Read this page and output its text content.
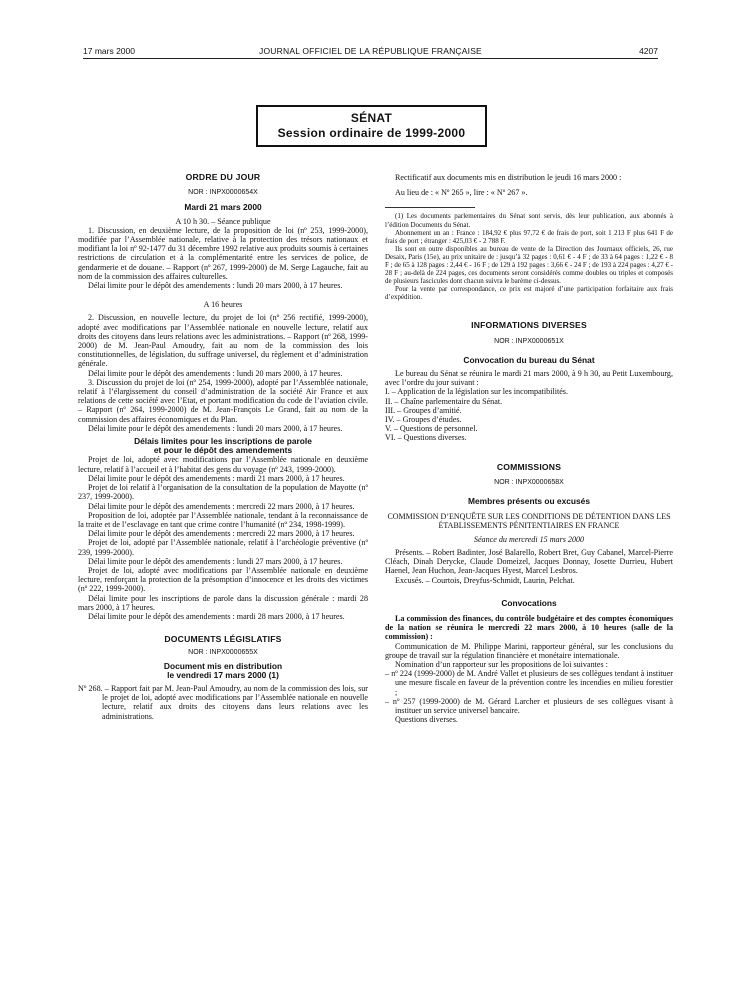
17 mars 2000	JOURNAL OFFICIEL DE LA RÉPUBLIQUE FRANÇAISE	4207
SÉNAT
Session ordinaire de 1999-2000
ORDRE DU JOUR
NOR : INPX0000654X
Mardi 21 mars 2000

A 10 h 30. – Séance publique

1. Discussion, en deuxième lecture, de la proposition de loi (nº 253, 1999-2000), modifiée par l’Assemblée nationale, relative à la protection des trésors nationaux et modifiant la loi nº 92-1477 du 31 décembre 1992 relative aux produits soumis à certaines restrictions de circulation et à la complémentarité entre les services de police, de gendarmerie et de douane. – Rapport (nº 267, 1999-2000) de M. Serge Lagauche, fait au nom de la commission des affaires culturelles.

Délai limite pour le dépôt des amendements : lundi 20 mars 2000, à 17 heures.

A 16 heures

2. Discussion, en nouvelle lecture, du projet de loi (nº 256 rectifié, 1999-2000), adopté avec modifications par l’Assemblée nationale en nouvelle lecture, relatif aux droits des citoyens dans leurs relations avec les administrations. – Rapport (nº 268, 1999-2000) de M. Jean-Paul Amoudry, fait au nom de la commission des lois constitutionnelles, de législation, du suffrage universel, du règlement et d’administration générale.

Délai limite pour le dépôt des amendements : lundi 20 mars 2000, à 17 heures.

3. Discussion du projet de loi (nº 254, 1999-2000), adopté par l’Assemblée nationale, relatif à l’élargissement du conseil d’administration de la société Air France et aux relations de cette société avec l’Etat, et portant modification du code de l’aviation civile. – Rapport (nº 264, 1999-2000) de M. Jean-François Le Grand, fait au nom de la commission des affaires économiques et du Plan.

Délai limite pour le dépôt des amendements : lundi 20 mars 2000, à 17 heures.

Délais limites pour les inscriptions de parole
et pour le dépôt des amendements

Projet de loi, adopté avec modifications par l’Assemblée nationale en deuxième lecture, relatif à l’accueil et à l’habitat des gens du voyage (nº 243, 1999-2000).

Délai limite pour le dépôt des amendements : mardi 21 mars 2000, à 17 heures.

Projet de loi relatif à l’organisation de la consultation de la population de Mayotte (nº 237, 1999-2000).

Délai limite pour le dépôt des amendements : mercredi 22 mars 2000, à 17 heures.

Proposition de loi, adoptée par l’Assemblée nationale, tendant à la reconnaissance de la traite et de l’esclavage en tant que crime contre l’humanité (nº 234, 1998-1999).

Délai limite pour le dépôt des amendements : mercredi 22 mars 2000, à 17 heures.

Projet de loi, adopté par l’Assemblée nationale, relatif à l’archéologie préventive (nº 239, 1999-2000).

Délai limite pour le dépôt des amendements : lundi 27 mars 2000, à 17 heures.

Projet de loi, adopté avec modifications par l’Assemblée nationale en deuxième lecture, renforçant la protection de la présomption d’innocence et les droits des victimes (nº 222, 1999-2000).

Délai limite pour les inscriptions de parole dans la discussion générale : mardi 28 mars 2000, à 17 heures.

Délai limite pour le dépôt des amendements : mardi 28 mars 2000, à 17 heures.

DOCUMENTS LÉGISLATIFS
NOR : INPX0000655X
Document mis en distribution
le vendredi 17 mars 2000 (1)

Nº 268. – Rapport fait par M. Jean-Paul Amoudry, au nom de la commission des lois, sur le projet de loi, adopté avec modifications par l’Assemblée nationale en nouvelle lecture, relatif aux droits des citoyens dans leurs relations avec les administrations.

Rectificatif aux documents mis en distribution le jeudi 16 mars 2000 :

Au lieu de : « Nº 265 », lire : « Nº 267 ».

(1) Les documents parlementaires du Sénat sont servis, dès leur publication, aux abonnés à l’édition Documents du Sénat.

Abonnement un an : France : 184,92 € plus 97,72 € de frais de port, soit 1 213 F plus 641 F de frais de port ; étranger : 425,03 € - 2 788 F.

Ils sont en outre disponibles au bureau de vente de la Direction des Journaux officiels, 26, rue Desaix, Paris (15e), au prix unitaire de : jusqu’à 32 pages : 0,61 € - 4 F ; de 33 à 64 pages : 1,22 € - 8 F ; de 65 à 128 pages : 2,44 € - 16 F ; de 129 à 192 pages : 3,66 € - 24 F ; de 193 à 224 pages : 4,27 € - 28 F ; au-delà de 224 pages, ces documents seront considérés comme doubles ou triples et composés de plusieurs fascicules dont chacun suivra le barème ci-dessus.

Pour la vente par correspondance, ce prix est majoré d’une participation forfaitaire aux frais d’expédition.

INFORMATIONS DIVERSES
NOR : INPX0000651X
Convocation du bureau du Sénat

Le bureau du Sénat se réunira le mardi 21 mars 2000, à 9 h 30, au Petit Luxembourg, avec l’ordre du jour suivant :

I. – Application de la législation sur les incompatibilités.

II. – Chaîne parlementaire du Sénat.

III. – Groupes d’amitié.

IV. – Groupes d’études.

V. – Questions de personnel.

VI. – Questions diverses.

COMMISSIONS
NOR : INPX0000658X
Membres présents ou excusés

COMMISSION D’ENQUÊTE SUR LES CONDITIONS DE DÉTENTION DANS LES ÉTABLISSEMENTS PÉNITENTIAIRES EN FRANCE

Séance du mercredi 15 mars 2000

Présents. – Robert Badinter, José Balarello, Robert Bret, Guy Cabanel, Marcel-Pierre Cléach, Dinah Derycke, Claude Domeizel, Jacques Donnay, Josette Durrieu, Hubert Haenel, Jean Huchon, Jean-Jacques Hyest, Marcel Lesbros.

Excusés. – Courtois, Dreyfus-Schmidt, Laurin, Pelchat.

Convocations

La commission des finances, du contrôle budgétaire et des comptes économiques de la nation se réunira le mercredi 22 mars 2000, à 10 heures (salle de la commission) :

Communication de M. Philippe Marini, rapporteur général, sur les conclusions du groupe de travail sur la régulation financière et monétaire internationale.

Nomination d’un rapporteur sur les propositions de loi suivantes :

– nº 224 (1999-2000) de M. André Vallet et plusieurs de ses collègues tendant à instituer une mesure fiscale en faveur de la prévention contre les incendies en milieu forestier ;

– nº 257 (1999-2000) de M. Gérard Larcher et plusieurs de ses collègues visant à instituer un service universel bancaire.

Questions diverses.
